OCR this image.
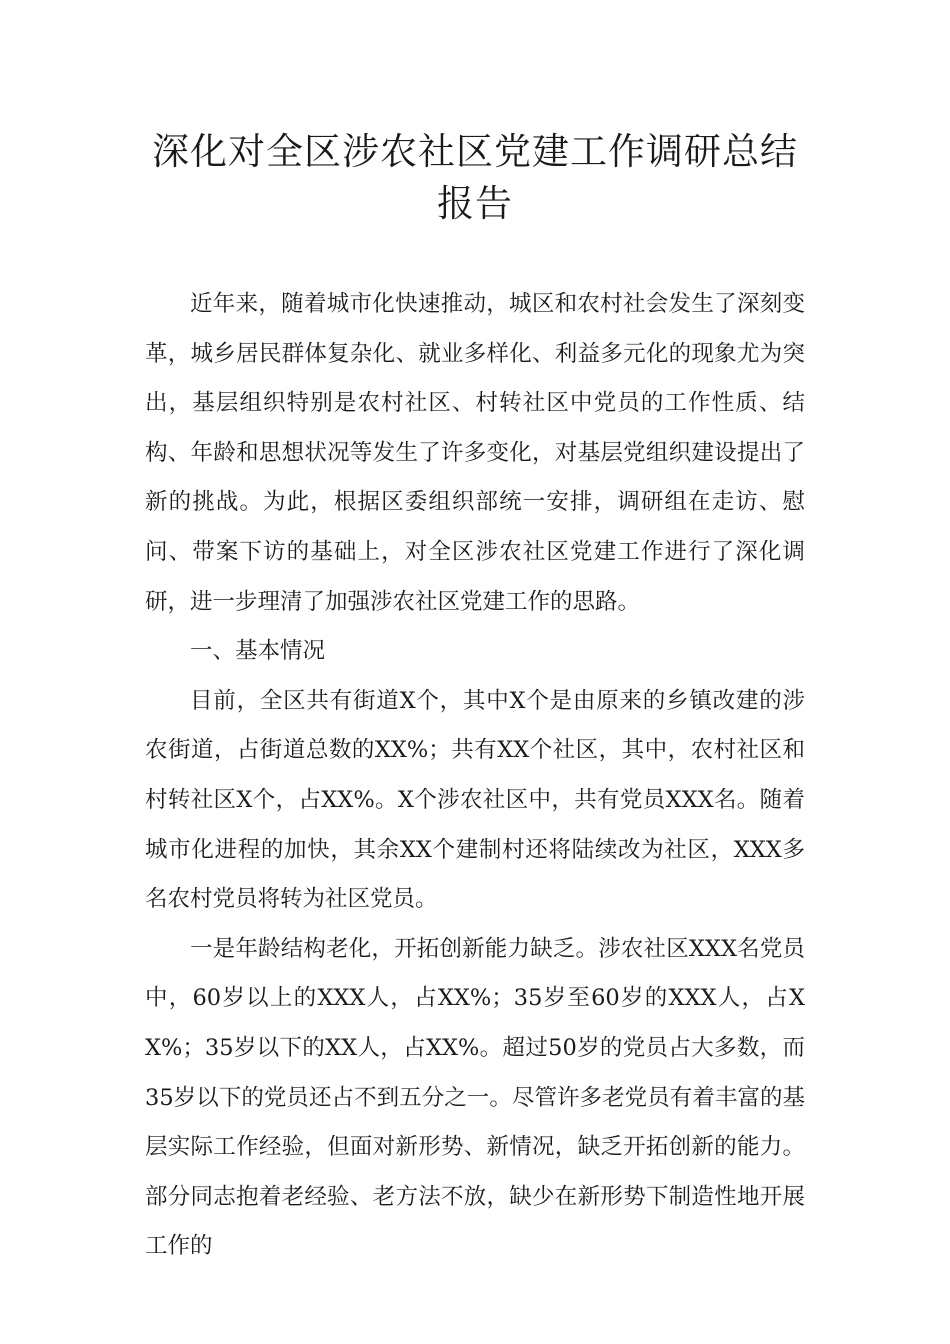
深化对全区涉农社区党建工作调研总结
报告

近年来，随着城市化快速推动，城区和农村社会发生了深刻变革，城乡居民群体复杂化、就业多样化、利益多元化的现象尤为突出，基层组织特别是农村社区、村转社区中党员的工作性质、结构、年龄和思想状况等发生了许多变化，对基层党组织建设提出了新的挑战。为此，根据区委组织部统一安排，调研组在走访、慰问、带案下访的基础上，对全区涉农社区党建工作进行了深化调研，进一步理清了加强涉农社区党建工作的思路。

一、基本情况

目前，全区共有街道X个，其中X个是由原来的乡镇改建的涉农街道，占街道总数的XX%；共有XX个社区，其中，农村社区和村转社区X个，占XX%。X个涉农社区中，共有党员XXX名。随着城市化进程的加快，其余XX个建制村还将陆续改为社区，XXX多名农村党员将转为社区党员。

一是年龄结构老化，开拓创新能力缺乏。涉农社区XXX名党员中，60岁以上的XXX人，占XX%；35岁至60岁的XXX人，占XX%；35岁以下的XX人，占XX%。超过50岁的党员占大多数，而35岁以下的党员还占不到五分之一。尽管许多老党员有着丰富的基层实际工作经验，但面对新形势、新情况，缺乏开拓创新的能力。部分同志抱着老经验、老方法不放，缺少在新形势下制造性地开展工作的
